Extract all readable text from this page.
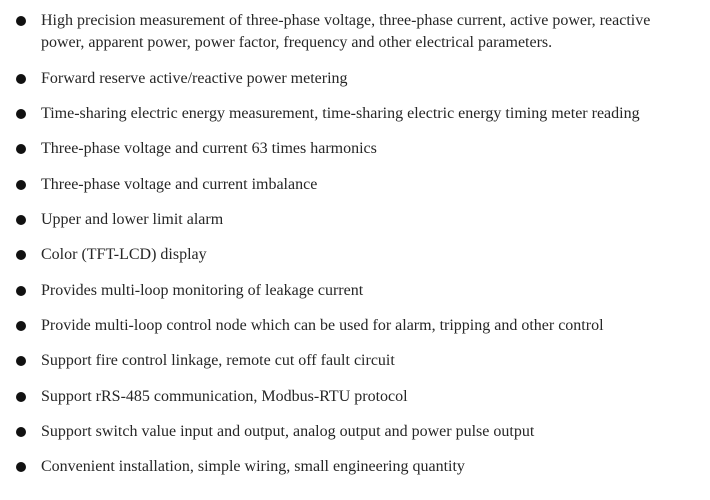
High precision measurement of three-phase voltage, three-phase current, active power, reactive power, apparent power, power factor, frequency and other electrical parameters.
Forward reserve active/reactive power metering
Time-sharing electric energy measurement, time-sharing electric energy timing meter reading
Three-phase voltage and current 63 times harmonics
Three-phase voltage and current imbalance
Upper and lower limit alarm
Color (TFT-LCD) display
Provides multi-loop monitoring of leakage current
Provide multi-loop control node which can be used for alarm, tripping and other control
Support fire control linkage, remote cut off fault circuit
Support rRS-485 communication, Modbus-RTU protocol
Support switch value input and output, analog output and power pulse output
Convenient installation, simple wiring, small engineering quantity
